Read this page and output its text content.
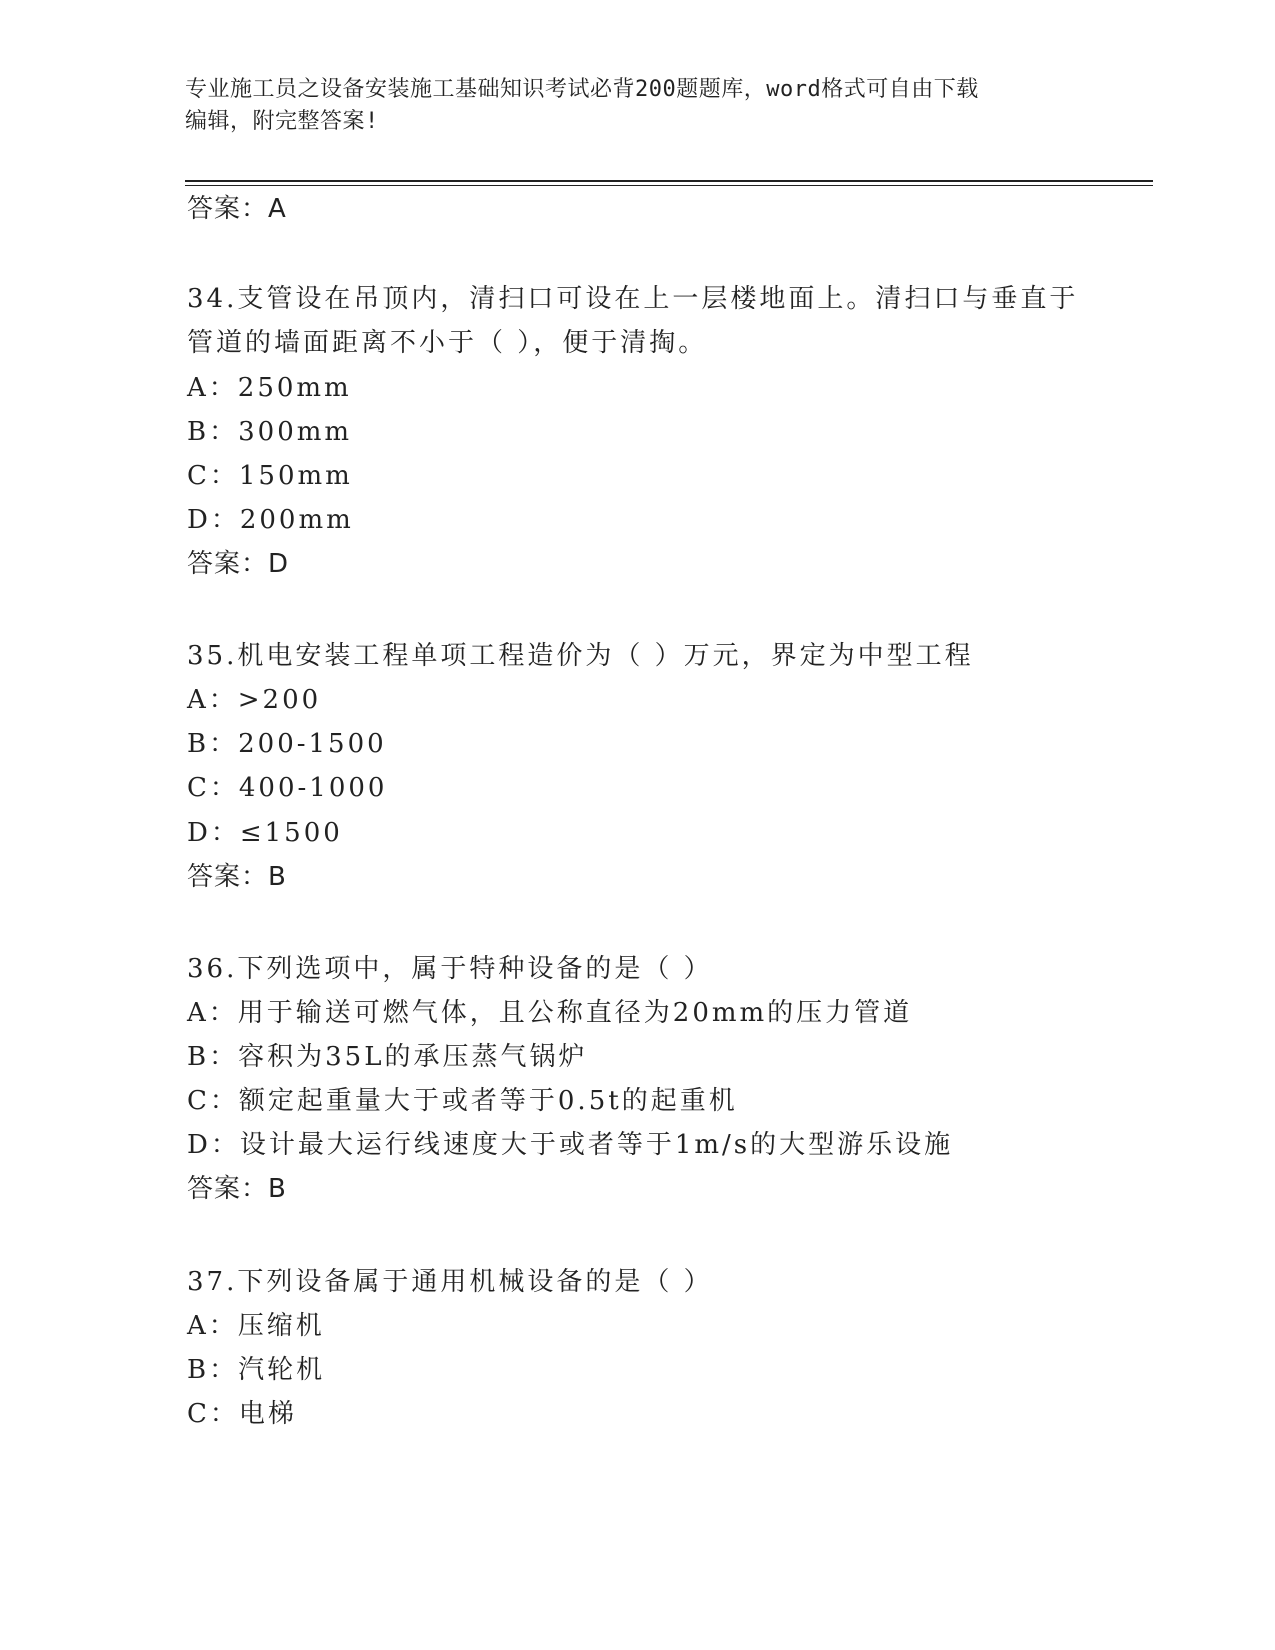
专业施工员之设备安装施工基础知识考试必背200题题库，word格式可自由下载
编辑，附完整答案!
答案：A
34.支管设在吊顶内，清扫口可设在上一层楼地面上。清扫口与垂直于
管道的墙面距离不小于（ ），便于清掏。
A：250mm
B：300mm
C：150mm
D：200mm
答案：D
35.机电安装工程单项工程造价为（ ）万元，界定为中型工程
A：>200
B：200-1500
C：400-1000
D：≤1500
答案：B
36.下列选项中，属于特种设备的是（ ）
A：用于输送可燃气体，且公称直径为20mm的压力管道
B：容积为35L的承压蒸气锅炉
C：额定起重量大于或者等于0.5t的起重机
D：设计最大运行线速度大于或者等于1m/s的大型游乐设施
答案：B
37.下列设备属于通用机械设备的是（ ）
A：压缩机
B：汽轮机
C：电梯
